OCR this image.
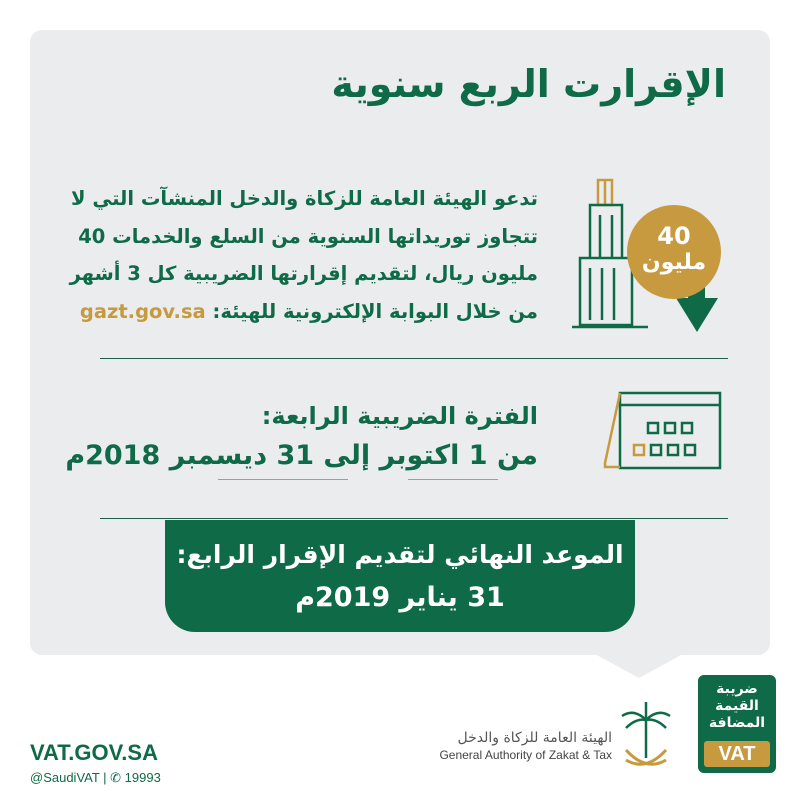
الإقرارت الربع سنوية
40
مليون
تدعو الهيئة العامة للزكاة والدخل المنشآت التي لا
تتجاوز توريداتها السنوية من السلع والخدمات 40
مليون ريال، لتقديم إقرارتها الضريبية كل 3 أشهر
من خلال البوابة الإلكترونية للهيئة: gazt.gov.sa
الفترة الضريبية الرابعة:
من 1 اكتوبر إلى 31 ديسمبر 2018م
الموعد النهائي لتقديم الإقرار الرابع:
31 يناير 2019م
VAT.GOV.SA
@SaudiVAT | ✆ 19993
الهيئة العامة للزكاة والدخل
General Authority of Zakat & Tax
ضريبة
القيمة
المضافة
VAT
